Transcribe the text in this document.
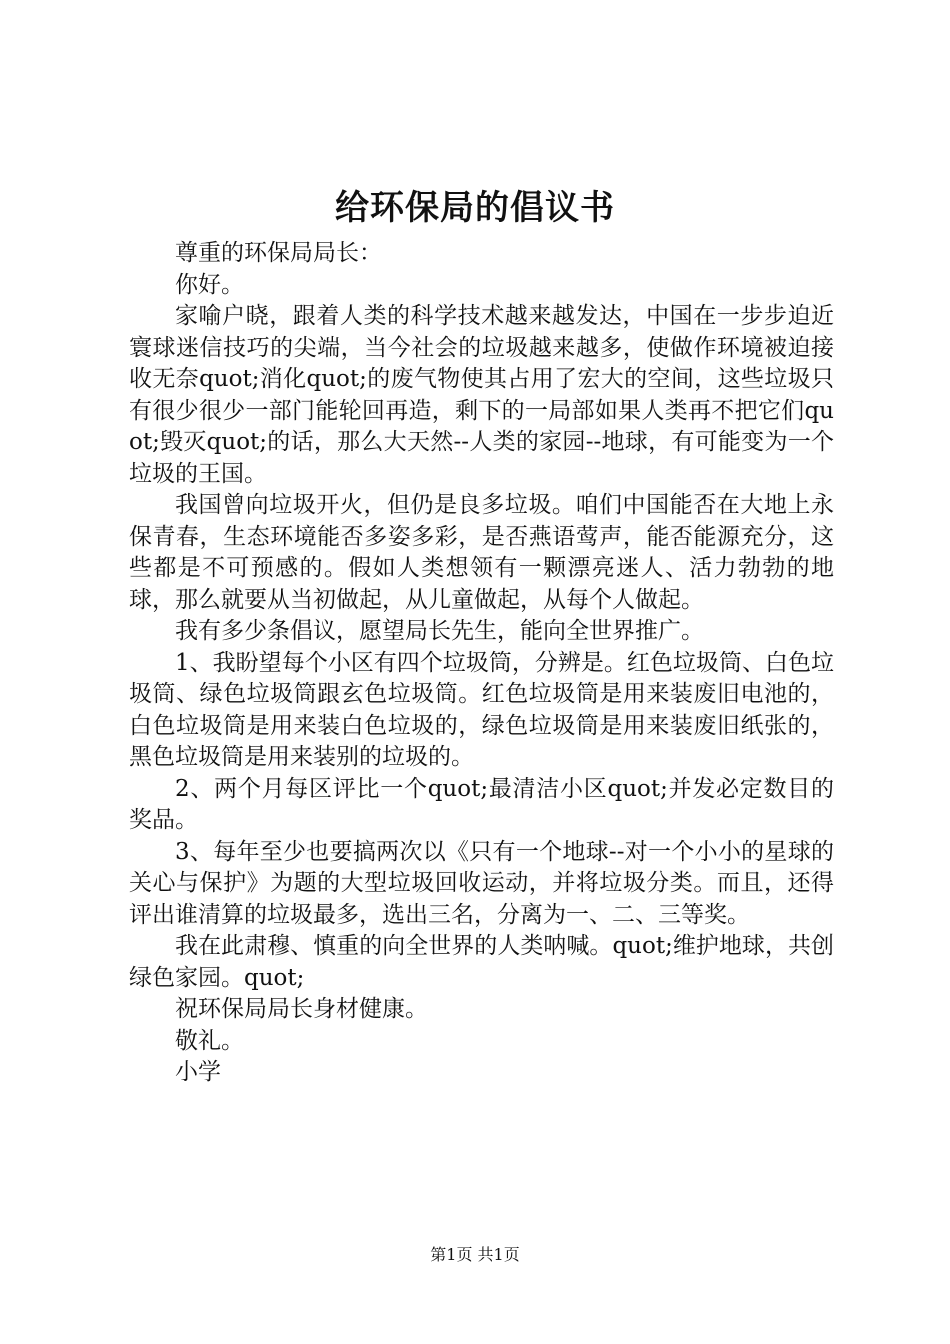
给环保局的倡议书

尊重的环保局局长：

你好。

家喻户晓，跟着人类的科学技术越来越发达，中国在一步步迫近寰球迷信技巧的尖端，当今社会的垃圾越来越多，使做作环境被迫接收无奈quot;消化quot;的废气物使其占用了宏大的空间，这些垃圾只有很少很少一部门能轮回再造，剩下的一局部如果人类再不把它们quot;毁灭quot;的话，那么大天然--人类的家园--地球，有可能变为一个垃圾的王国。

我国曾向垃圾开火，但仍是良多垃圾。咱们中国能否在大地上永保青春，生态环境能否多姿多彩，是否燕语莺声，能否能源充分，这些都是不可预感的。假如人类想领有一颗漂亮迷人、活力勃勃的地球，那么就要从当初做起，从儿童做起，从每个人做起。

我有多少条倡议，愿望局长先生，能向全世界推广。

1、我盼望每个小区有四个垃圾筒，分辨是。红色垃圾筒、白色垃圾筒、绿色垃圾筒跟玄色垃圾筒。红色垃圾筒是用来装废旧电池的，白色垃圾筒是用来装白色垃圾的，绿色垃圾筒是用来装废旧纸张的，黑色垃圾筒是用来装别的垃圾的。

2、两个月每区评比一个quot;最清洁小区quot;并发必定数目的奖品。

3、每年至少也要搞两次以《只有一个地球--对一个小小的星球的关心与保护》为题的大型垃圾回收运动，并将垃圾分类。而且，还得评出谁清算的垃圾最多，选出三名，分离为一、二、三等奖。

我在此肃穆、慎重的向全世界的人类呐喊。quot;维护地球，共创绿色家园。quot;

祝环保局局长身材健康。

敬礼。

小学

第1页 共1页
